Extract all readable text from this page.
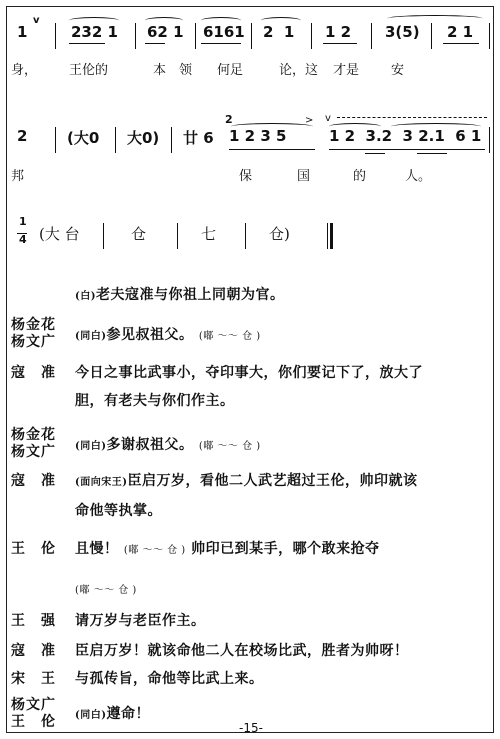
1
v
232 1 62 1 6161 2  1 1 2 3(5) 2 1
身， 王伦的	本 领 何足	论，这 才是 安
2	> v
2	(大0 大0) 廿 6 1 2 3 5	1 2  3.2  3 2.1  6 1
邦	保	国	的	人。
1
4 (大 台	仓	七	仓)
(白)老夫寇准与你祖上同朝为官。
杨金花
杨文广	(同白)参见叔祖父。 (嘟 ～～ 仓 )
寇　准	今日之事比武事小，夺印事大，你们要记下了，放大了
胆，有老夫与你们作主。
杨金花
杨文广	(同白)多谢叔祖父。 (嘟 ～～ 仓 )
寇　准	(面向宋王)臣启万岁，看他二人武艺超过王伦，帅印就该
命他等执掌。
王　伦	且慢！ (嘟 ～～ 仓 ) 帅印已到某手，哪个敢来抢夺
(嘟 ～～ 仓 )
王　强	请万岁与老臣作主。
寇　准	臣启万岁！就该命他二人在校场比武，胜者为帅呀！
宋　王	与孤传旨，命他等比武上来。
杨文广
王　伦	(同白)遵命！
-15-
